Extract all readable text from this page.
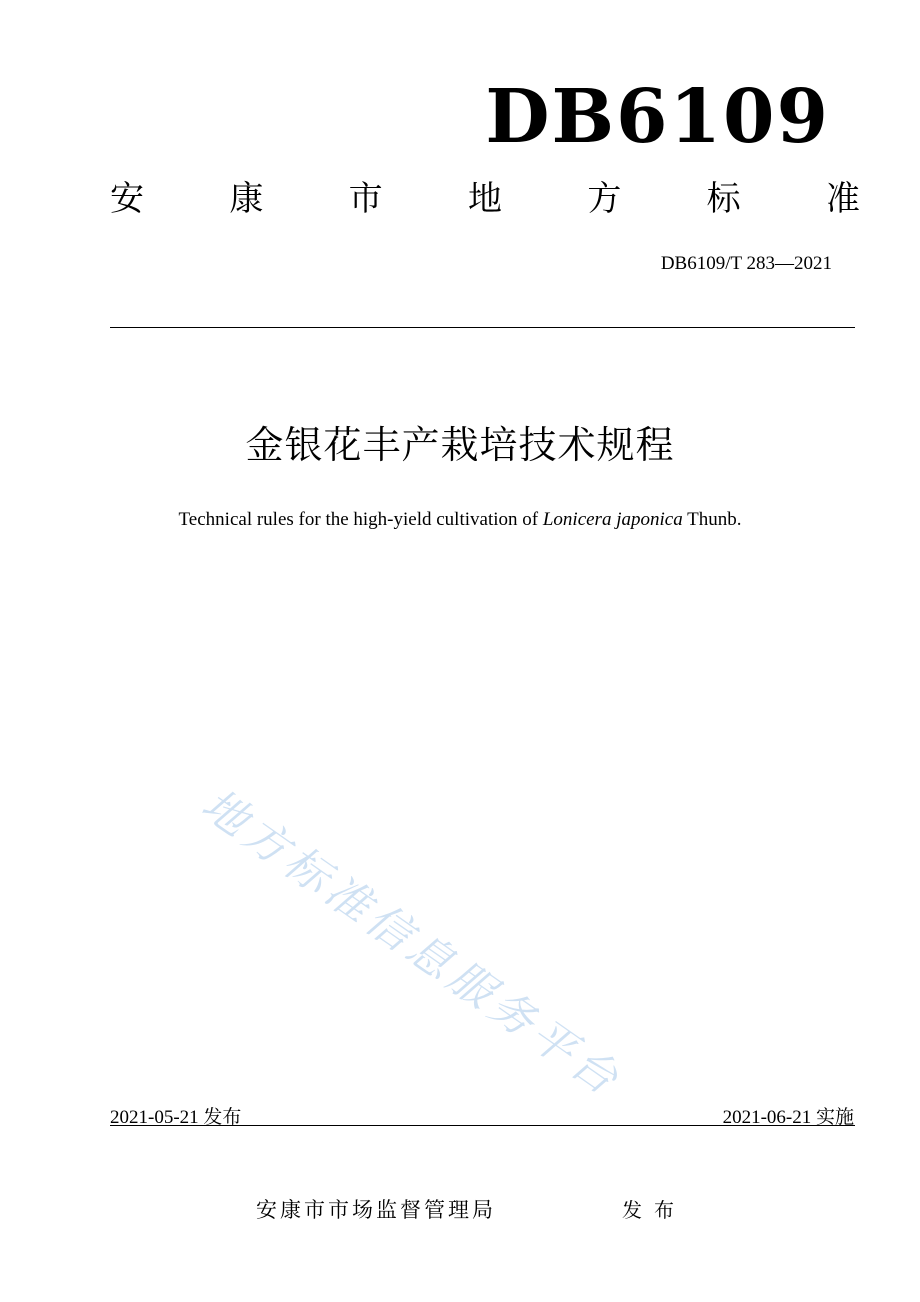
DB6109
安	康	市	地	方	标	准
DB6109/T 283—2021
金银花丰产栽培技术规程
Technical rules for the high-yield cultivation of Lonicera japonica Thunb.
地方标准信息服务平台
2021-05-21 发布	2021-06-21 实施
安康市市场监督管理局	发布
